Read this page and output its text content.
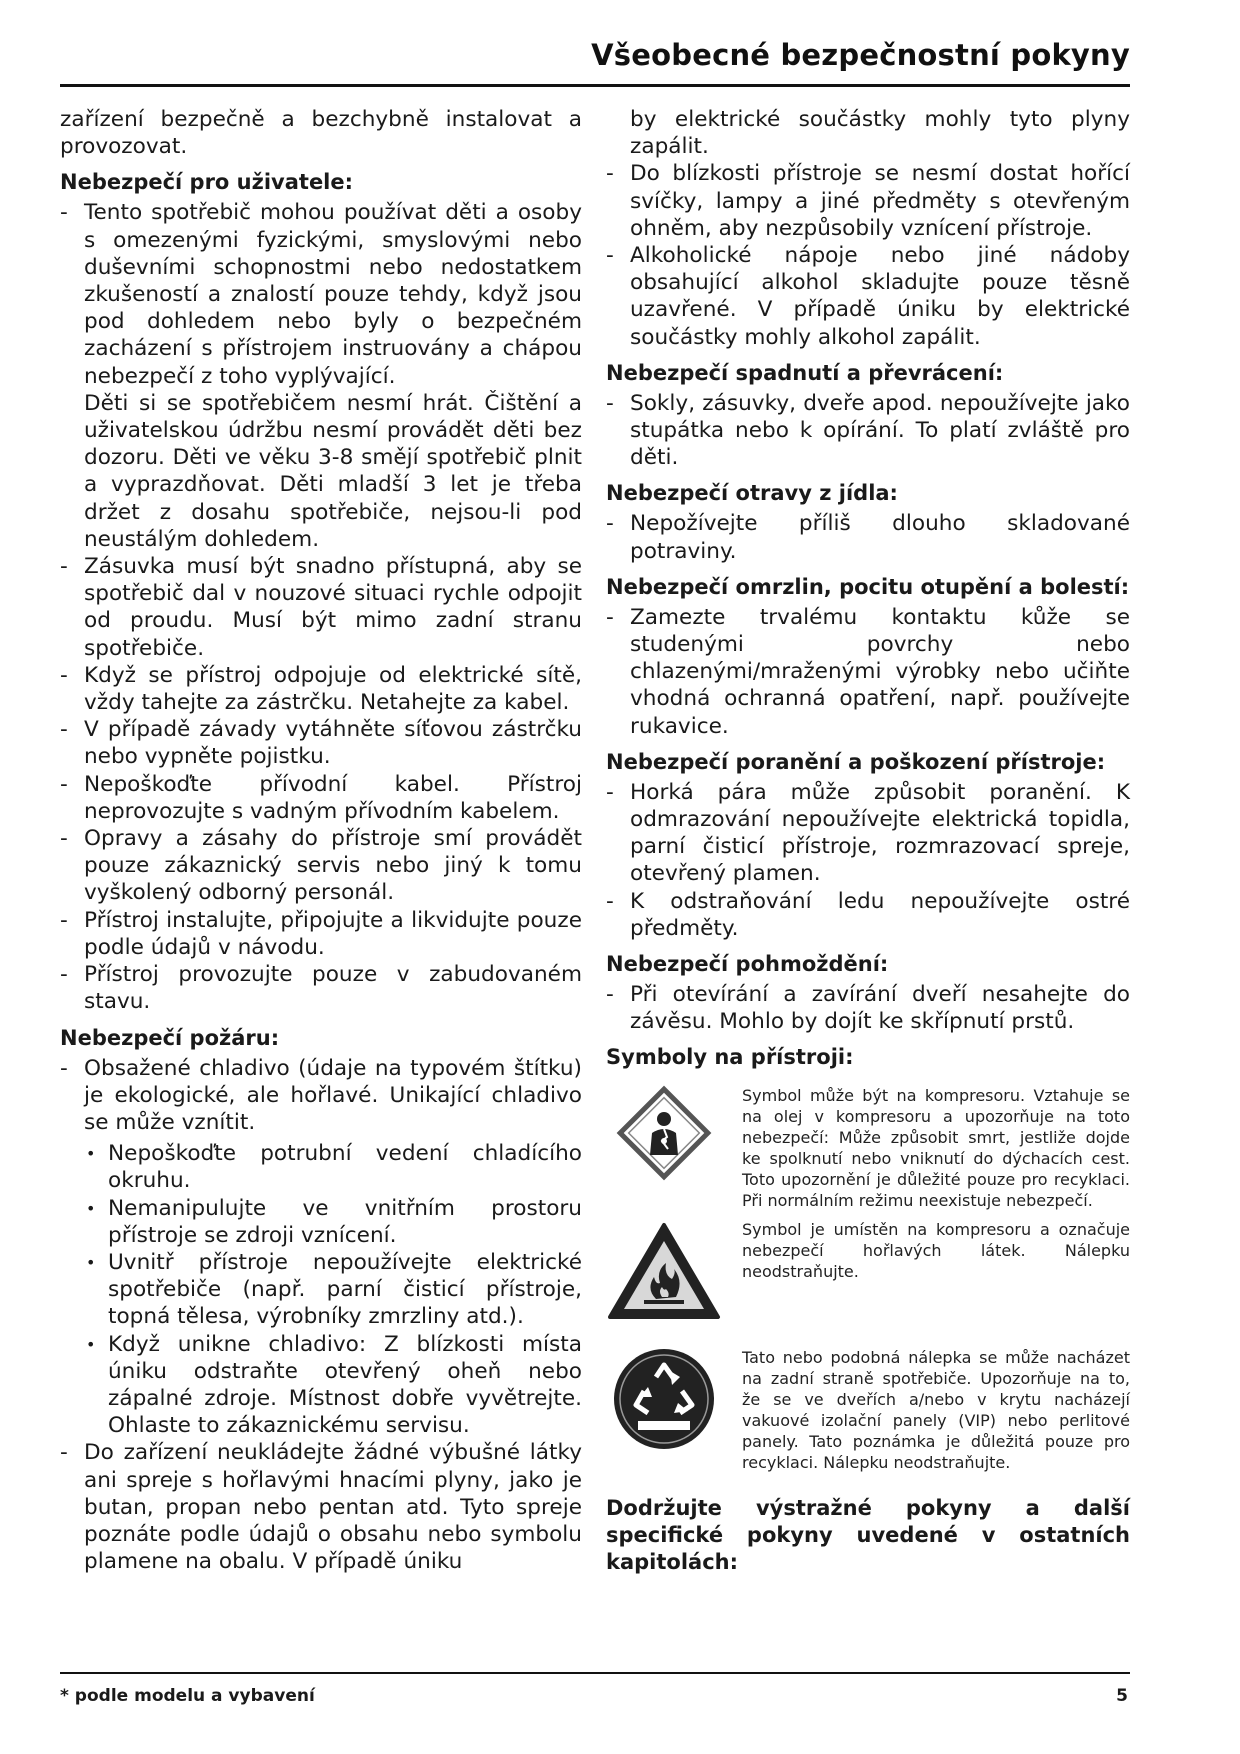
Všeobecné bezpečnostní pokyny

zařízení bezpečně a bezchybně instalovat a provozovat.

Nebezpečí pro uživatele:

- Tento spotřebič mohou používat děti a osoby s omezenými fyzickými, smyslovými nebo duševními schopnostmi nebo nedostatkem zkušeností a znalostí pouze tehdy, když jsou pod dohledem nebo byly o bezpečném zacházení s přístrojem instruovány a chápou nebezpečí z toho vyplývající.

Děti si se spotřebičem nesmí hrát. Čištění a uživatelskou údržbu nesmí provádět děti bez dozoru. Děti ve věku 3-8 smějí spotřebič plnit a vyprazdňovat. Děti mladší 3 let je třeba držet z dosahu spotřebiče, nejsou-li pod neustálým dohledem.

- Zásuvka musí být snadno přístupná, aby se spotřebič dal v nouzové situaci rychle odpojit od proudu. Musí být mimo zadní stranu spotřebiče.
- Když se přístroj odpojuje od elektrické sítě, vždy tahejte za zástrčku. Netahejte za kabel.
- V případě závady vytáhněte síťovou zástrčku nebo vypněte pojistku.
- Nepoškoďte přívodní kabel. Přístroj neprovozujte s vadným přívodním kabelem.
- Opravy a zásahy do přístroje smí provádět pouze zákaznický servis nebo jiný k tomu vyškolený odborný personál.
- Přístroj instalujte, připojujte a likvidujte pouze podle údajů v návodu.
- Přístroj provozujte pouze v zabudovaném stavu.
Nebezpečí požáru:

- Obsažené chladivo (údaje na typovém štítku) je ekologické, ale hořlavé. Unikající chladivo se může vznítit.

• Nepoškoďte potrubní vedení chladícího okruhu.
• Nemanipulujte ve vnitřním prostoru přístroje se zdroji vznícení.
• Uvnitř přístroje nepoužívejte elektrické spotřebiče (např. parní čisticí přístroje, topná tělesa, výrobníky zmrzliny atd.).
• Když unikne chladivo: Z blízkosti místa úniku odstraňte otevřený oheň nebo zápalné zdroje. Místnost dobře vyvětrejte. Ohlaste to zákaznickému servisu.
- Do zařízení neukládejte žádné výbušné látky ani spreje s hořlavými hnacími plyny, jako je butan, propan nebo pentan atd. Tyto spreje poznáte podle údajů o obsahu nebo symbolu plamene na obalu. V případě úniku

by elektrické součástky mohly tyto plyny zapálit.

- Do blízkosti přístroje se nesmí dostat hořící svíčky, lampy a jiné předměty s otevřeným ohněm, aby nezpůsobily vznícení přístroje.
- Alkoholické nápoje nebo jiné nádoby obsahující alkohol skladujte pouze těsně uzavřené. V případě úniku by elektrické součástky mohly alkohol zapálit.
Nebezpečí spadnutí a převrácení:
- Sokly, zásuvky, dveře apod. nepoužívejte jako stupátka nebo k opírání. To platí zvláště pro děti.
Nebezpečí otravy z jídla:
- Nepožívejte příliš dlouho skladované potraviny.
Nebezpečí omrzlin, pocitu otupění a bolestí:
- Zamezte trvalému kontaktu kůže se studenými povrchy nebo chlazenými/mraženými výrobky nebo učiňte vhodná ochranná opatření, např. používejte rukavice.
Nebezpečí poranění a poškození přístroje:
- Horká pára může způsobit poranění. K odmrazování nepoužívejte elektrická topidla, parní čisticí přístroje, rozmrazovací spreje, otevřený plamen.
- K odstraňování ledu nepoužívejte ostré předměty.
Nebezpečí pohmoždění:
- Při otevírání a zavírání dveří nesahejte do závěsu. Mohlo by dojít ke skřípnutí prstů.
Symboly na přístroji:
Symbol může být na kompresoru. Vztahuje se na olej v kompresoru a upozorňuje na toto nebezpečí: Může způsobit smrt, jestliže dojde ke spolknutí nebo vniknutí do dýchacích cest. Toto upozornění je důležité pouze pro recyklaci. Při normálním režimu neexistuje nebezpečí.
Symbol je umístěn na kompresoru a označuje nebezpečí hořlavých látek. Nálepku neodstraňujte.
Tato nebo podobná nálepka se může nacházet na zadní straně spotřebiče. Upozorňuje na to, že se ve dveřích a/nebo v krytu nacházejí vakuové izolační panely (VIP) nebo perlitové panely. Tato poznámka je důležitá pouze pro recyklaci. Nálepku neodstraňujte.
Dodržujte výstražné pokyny a další specifické pokyny uvedené v ostatních kapitolách:
* podle modelu a vybavení	5
